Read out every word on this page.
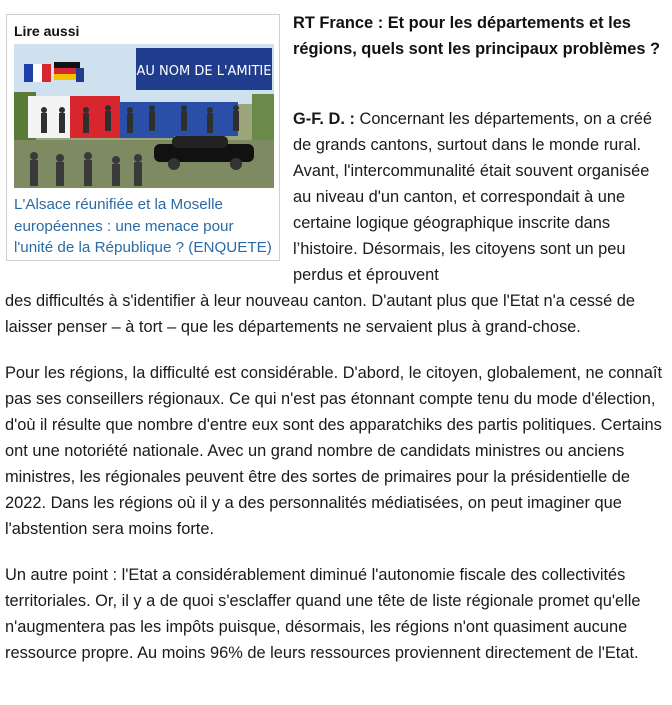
Lire aussi
AU NOM DE L'AMITIE
L'Alsace réunifiée et la Moselle européennes : une menace pour l'unité de la République ? (ENQUETE)
RT France : Et pour les départements et les régions, quels sont les principaux problèmes ?
G-F. D. : Concernant les départements, on a créé de grands cantons, surtout dans le monde rural. Avant, l'intercommunalité était souvent organisée au niveau d'un canton, et correspondait à une certaine logique géographique inscrite dans l’histoire. Désormais, les citoyens sont un peu perdus et éprouvent
des difficultés à s'identifier à leur nouveau canton. D'autant plus que l'Etat n'a cessé de laisser penser – à tort – que les départements ne servaient plus à grand-chose.
Pour les régions, la difficulté est considérable. D'abord, le citoyen, globalement, ne connaît pas ses conseillers régionaux. Ce qui n'est pas étonnant compte tenu du mode d'élection, d'où il résulte que nombre d'entre eux sont des apparatchiks des partis politiques. Certains ont une notoriété nationale. Avec un grand nombre de candidats ministres ou anciens ministres, les régionales peuvent être des sortes de primaires pour la présidentielle de 2022. Dans les régions où il y a des personnalités médiatisées, on peut imaginer que l'abstention sera moins forte.
Un autre point : l'Etat a considérablement diminué l'autonomie fiscale des collectivités territoriales. Or, il y a de quoi s'esclaffer quand une tête de liste régionale promet qu'elle n'augmentera pas les impôts puisque, désormais, les régions n'ont quasiment aucune ressource propre. Au moins 96% de leurs ressources proviennent directement de l'Etat.
